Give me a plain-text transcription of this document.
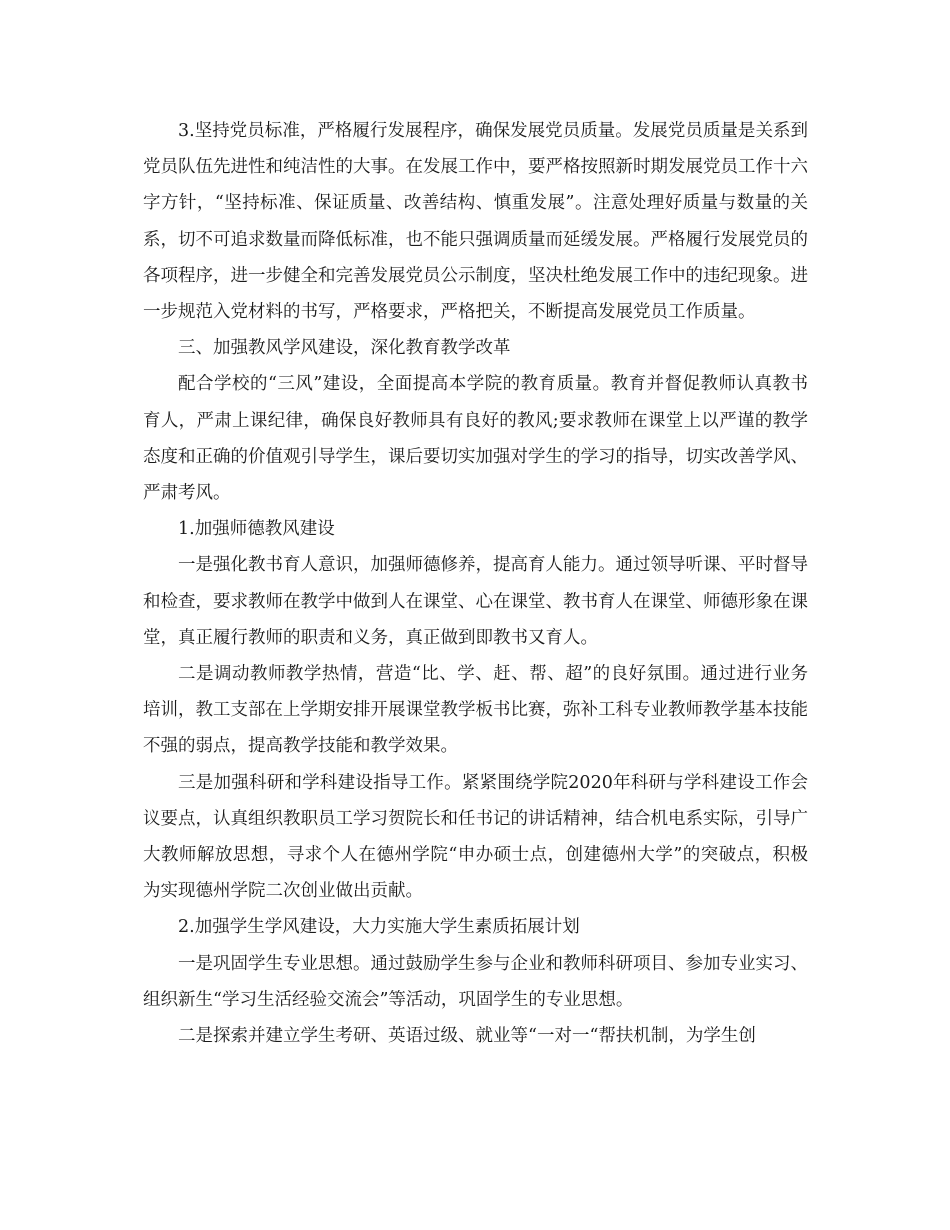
3.坚持党员标准，严格履行发展程序，确保发展党员质量。发展党员质量是关系到党员队伍先进性和纯洁性的大事。在发展工作中，要严格按照新时期发展党员工作十六字方针，“坚持标准、保证质量、改善结构、慎重发展”。注意处理好质量与数量的关系，切不可追求数量而降低标准，也不能只强调质量而延缓发展。严格履行发展党员的各项程序，进一步健全和完善发展党员公示制度，坚决杜绝发展工作中的违纪现象。进一步规范入党材料的书写，严格要求，严格把关，不断提高发展党员工作质量。

三、加强教风学风建设，深化教育教学改革

配合学校的“三风”建设，全面提高本学院的教育质量。教育并督促教师认真教书育人，严肃上课纪律，确保良好教师具有良好的教风;要求教师在课堂上以严谨的教学态度和正确的价值观引导学生，课后要切实加强对学生的学习的指导，切实改善学风、严肃考风。

1.加强师德教风建设

一是强化教书育人意识，加强师德修养，提高育人能力。通过领导听课、平时督导和检查，要求教师在教学中做到人在课堂、心在课堂、教书育人在课堂、师德形象在课堂，真正履行教师的职责和义务，真正做到即教书又育人。

二是调动教师教学热情，营造“比、学、赶、帮、超”的良好氛围。通过进行业务培训，教工支部在上学期安排开展课堂教学板书比赛，弥补工科专业教师教学基本技能不强的弱点，提高教学技能和教学效果。

三是加强科研和学科建设指导工作。紧紧围绕学院2020年科研与学科建设工作会议要点，认真组织教职员工学习贺院长和任书记的讲话精神，结合机电系实际，引导广大教师解放思想，寻求个人在德州学院“申办硕士点，创建德州大学”的突破点，积极为实现德州学院二次创业做出贡献。

2.加强学生学风建设，大力实施大学生素质拓展计划

一是巩固学生专业思想。通过鼓励学生参与企业和教师科研项目、参加专业实习、组织新生“学习生活经验交流会”等活动，巩固学生的专业思想。

二是探索并建立学生考研、英语过级、就业等“一对一“帮扶机制，为学生创
